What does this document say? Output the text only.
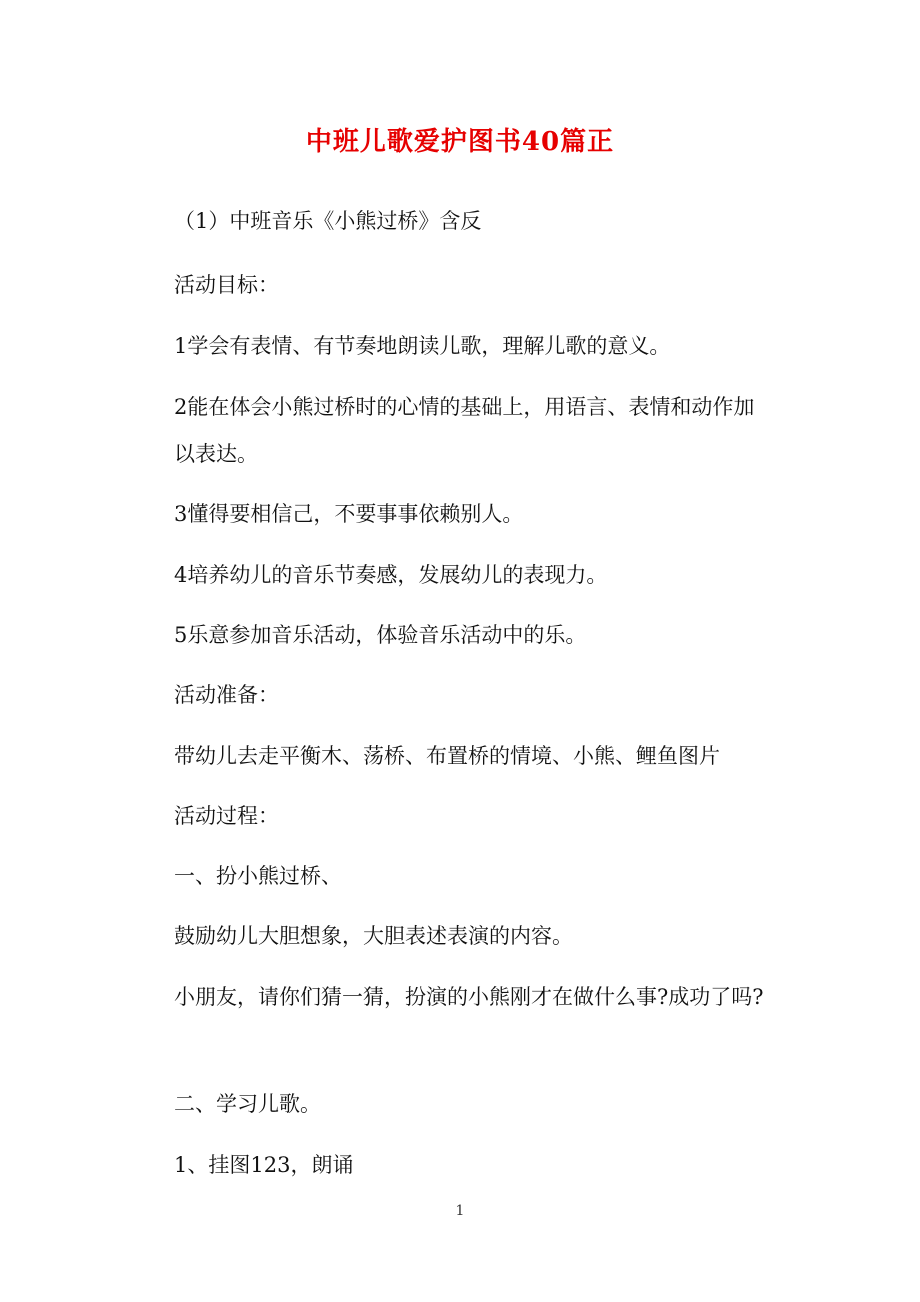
中班儿歌爱护图书40篇正
（1）中班音乐《小熊过桥》含反
活动目标：
1学会有表情、有节奏地朗读儿歌，理解儿歌的意义。
2能在体会小熊过桥时的心情的基础上，用语言、表情和动作加以表达。
3懂得要相信己，不要事事依赖别人。
4培养幼儿的音乐节奏感，发展幼儿的表现力。
5乐意参加音乐活动，体验音乐活动中的乐。
活动准备：
带幼儿去走平衡木、荡桥、布置桥的情境、小熊、鲤鱼图片
活动过程：
一、扮小熊过桥、
鼓励幼儿大胆想象，大胆表述表演的内容。
小朋友，请你们猜一猜，扮演的小熊刚才在做什么事?成功了吗?
二、学习儿歌。
1、挂图123，朗诵
1
